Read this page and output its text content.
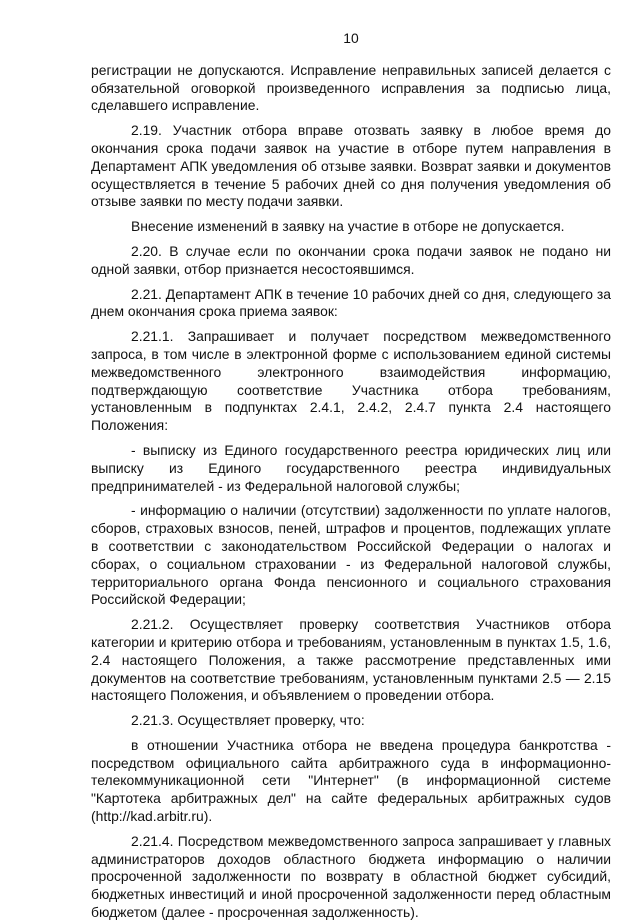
10

регистрации не допускаются. Исправление неправильных записей делается с обязательной оговоркой произведенного исправления за подписью лица, сделавшего исправление.

2.19. Участник отбора вправе отозвать заявку в любое время до окончания срока подачи заявок на участие в отборе путем направления в Департамент АПК уведомления об отзыве заявки. Возврат заявки и документов осуществляется в течение 5 рабочих дней со дня получения уведомления об отзыве заявки по месту подачи заявки.

Внесение изменений в заявку на участие в отборе не допускается.

2.20. В случае если по окончании срока подачи заявок не подано ни одной заявки, отбор признается несостоявшимся.

2.21. Департамент АПК в течение 10 рабочих дней со дня, следующего за днем окончания срока приема заявок:

2.21.1. Запрашивает и получает посредством межведомственного запроса, в том числе в электронной форме с использованием единой системы межведомственного электронного взаимодействия информацию, подтверждающую соответствие Участника отбора требованиям, установленным в подпунктах 2.4.1, 2.4.2, 2.4.7 пункта 2.4 настоящего Положения:

- выписку из Единого государственного реестра юридических лиц или выписку из Единого государственного реестра индивидуальных предпринимателей - из Федеральной налоговой службы;

- информацию о наличии (отсутствии) задолженности по уплате налогов, сборов, страховых взносов, пеней, штрафов и процентов, подлежащих уплате в соответствии с законодательством Российской Федерации о налогах и сборах, о социальном страховании - из Федеральной налоговой службы, территориального органа Фонда пенсионного и социального страхования Российской Федерации;

2.21.2. Осуществляет проверку соответствия Участников отбора категории и критерию отбора и требованиям, установленным в пунктах 1.5, 1.6, 2.4 настоящего Положения, а также рассмотрение представленных ими документов на соответствие требованиям, установленным пунктами 2.5 — 2.15 настоящего Положения, и объявлением о проведении отбора.

2.21.3. Осуществляет проверку, что:

в отношении Участника отбора не введена процедура банкротства - посредством официального сайта арбитражного суда в информационно-телекоммуникационной сети "Интернет" (в информационной системе "Картотека арбитражных дел" на сайте федеральных арбитражных судов (http://kad.arbitr.ru).

2.21.4. Посредством межведомственного запроса запрашивает у главных администраторов доходов областного бюджета информацию о наличии просроченной задолженности по возврату в областной бюджет субсидий, бюджетных инвестиций и иной просроченной задолженности перед областным бюджетом (далее - просроченная задолженность).
